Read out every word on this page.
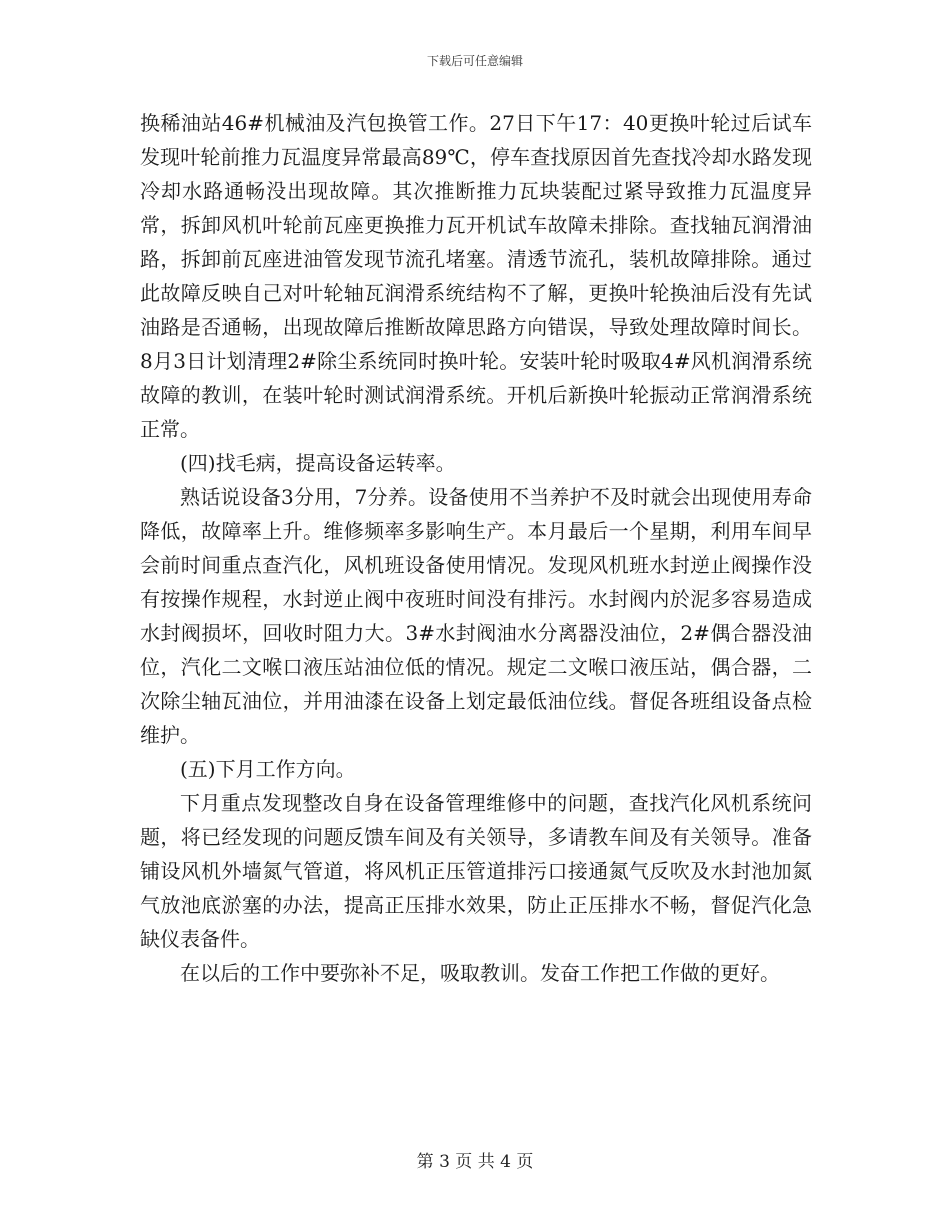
下载后可任意编辑

换稀油站46#机械油及汽包换管工作。27日下午17：40更换叶轮过后试车发现叶轮前推力瓦温度异常最高89℃，停车查找原因首先查找冷却水路发现冷却水路通畅没出现故障。其次推断推力瓦块装配过紧导致推力瓦温度异常，拆卸风机叶轮前瓦座更换推力瓦开机试车故障未排除。查找轴瓦润滑油路，拆卸前瓦座进油管发现节流孔堵塞。清透节流孔，装机故障排除。通过此故障反映自己对叶轮轴瓦润滑系统结构不了解，更换叶轮换油后没有先试油路是否通畅，出现故障后推断故障思路方向错误，导致处理故障时间长。8月3日计划清理2#除尘系统同时换叶轮。安装叶轮时吸取4#风机润滑系统故障的教训，在装叶轮时测试润滑系统。开机后新换叶轮振动正常润滑系统正常。

(四)找毛病，提高设备运转率。

熟话说设备3分用，7分养。设备使用不当养护不及时就会出现使用寿命降低，故障率上升。维修频率多影响生产。本月最后一个星期，利用车间早会前时间重点查汽化，风机班设备使用情况。发现风机班水封逆止阀操作没有按操作规程，水封逆止阀中夜班时间没有排污。水封阀内於泥多容易造成水封阀损坏，回收时阻力大。3#水封阀油水分离器没油位，2#偶合器没油位，汽化二文喉口液压站油位低的情况。规定二文喉口液压站，偶合器，二次除尘轴瓦油位，并用油漆在设备上划定最低油位线。督促各班组设备点检维护。

(五)下月工作方向。

下月重点发现整改自身在设备管理维修中的问题，查找汽化风机系统问题，将已经发现的问题反馈车间及有关领导，多请教车间及有关领导。准备铺设风机外墙氮气管道，将风机正压管道排污口接通氮气反吹及水封池加氮气放池底淤塞的办法，提高正压排水效果，防止正压排水不畅，督促汽化急缺仪表备件。

在以后的工作中要弥补不足，吸取教训。发奋工作把工作做的更好。

第 3 页 共 4 页
